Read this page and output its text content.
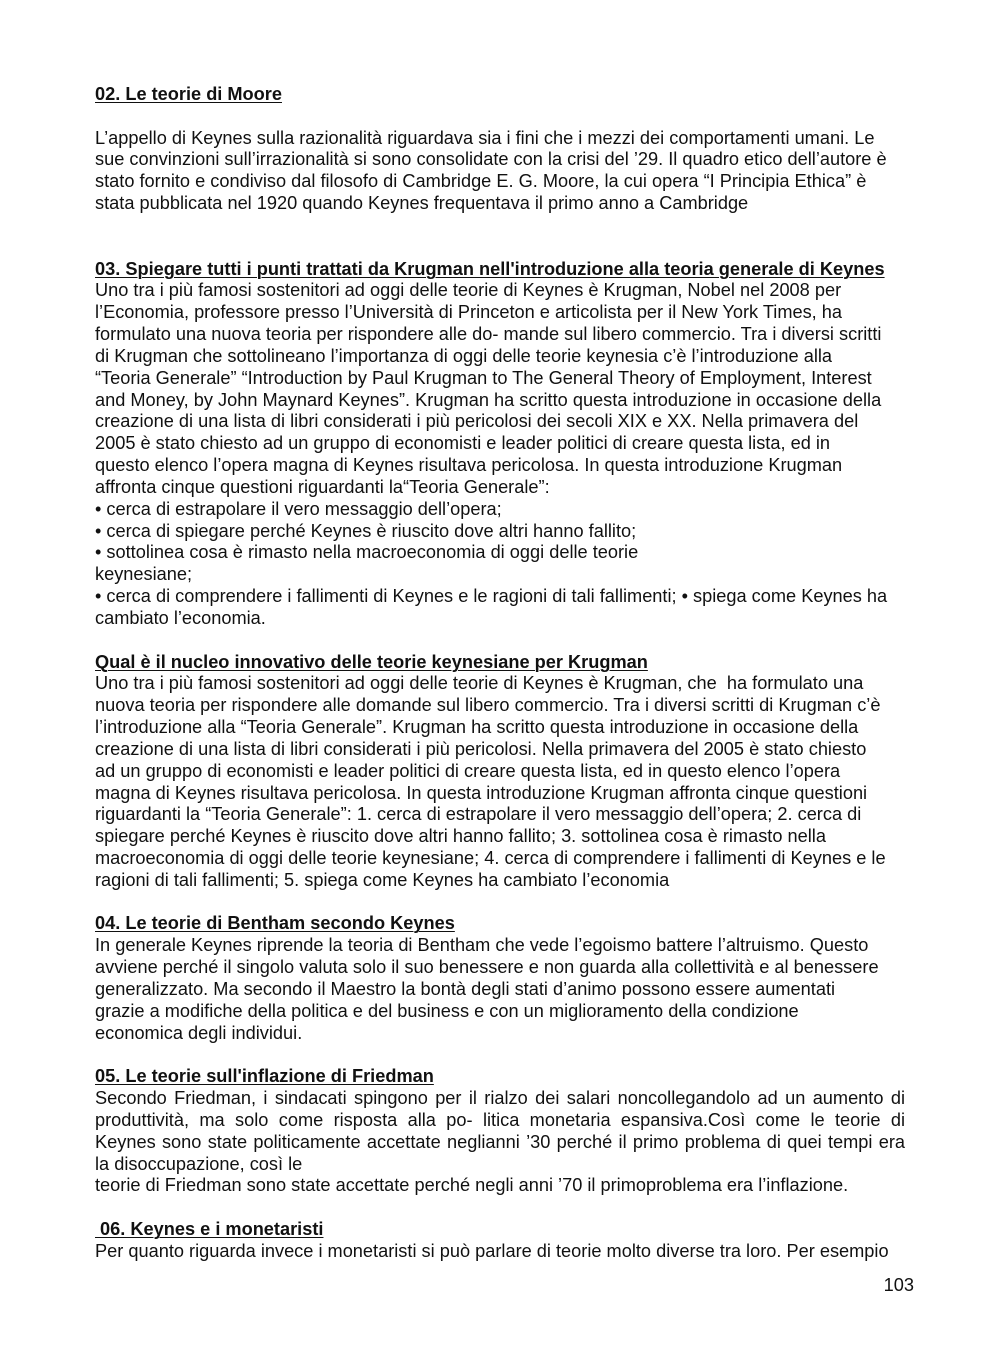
02. Le teorie di Moore
L’appello di Keynes sulla razionalità riguardava sia i fini che i mezzi dei comportamenti umani. Le
sue convinzioni sull’irrazionalità si sono consolidate con la crisi del ’29. Il quadro etico dell’autore è
stato fornito e condiviso dal filosofo di Cambridge E. G. Moore, la cui opera “I Principia Ethica” è
stata pubblicata nel 1920 quando Keynes frequentava il primo anno a Cambridge
03. Spiegare tutti i punti trattati da Krugman nell'introduzione alla teoria generale di Keynes
Uno tra i più famosi sostenitori ad oggi delle teorie di Keynes è Krugman, Nobel nel 2008 per
l’Economia, professore presso l’Università di Princeton e articolista per il New York Times, ha
formulato una nuova teoria per rispondere alle do- mande sul libero commercio. Tra i diversi scritti
di Krugman che sottolineano l’importanza di oggi delle teorie keynesia c’è l’introduzione alla
“Teoria Generale” “Introduction by Paul Krugman to The General Theory of Employment, Interest
and Money, by John Maynard Keynes”. Krugman ha scritto questa introduzione in occasione della
creazione di una lista di libri considerati i più pericolosi dei secoli XIX e XX. Nella primavera del
2005 è stato chiesto ad un gruppo di economisti e leader politici di creare questa lista, ed in
questo elenco l’opera magna di Keynes risultava pericolosa. In questa introduzione Krugman
affronta cinque questioni riguardanti la“Teoria Generale”:
• cerca di estrapolare il vero messaggio dell’opera;
• cerca di spiegare perché Keynes è riuscito dove altri hanno fallito;
• sottolinea cosa è rimasto nella macroeconomia di oggi delle teorie
keynesiane;
• cerca di comprendere i fallimenti di Keynes e le ragioni di tali fallimenti; • spiega come Keynes ha
cambiato l’economia.
Qual è il nucleo innovativo delle teorie keynesiane per Krugman
Uno tra i più famosi sostenitori ad oggi delle teorie di Keynes è Krugman, che  ha formulato una
nuova teoria per rispondere alle domande sul libero commercio. Tra i diversi scritti di Krugman c’è
l’introduzione alla “Teoria Generale”. Krugman ha scritto questa introduzione in occasione della
creazione di una lista di libri considerati i più pericolosi. Nella primavera del 2005 è stato chiesto
ad un gruppo di economisti e leader politici di creare questa lista, ed in questo elenco l’opera
magna di Keynes risultava pericolosa. In questa introduzione Krugman affronta cinque questioni
riguardanti la “Teoria Generale”: 1. cerca di estrapolare il vero messaggio dell’opera; 2. cerca di
spiegare perché Keynes è riuscito dove altri hanno fallito; 3. sottolinea cosa è rimasto nella
macroeconomia di oggi delle teorie keynesiane; 4. cerca di comprendere i fallimenti di Keynes e le
ragioni di tali fallimenti; 5. spiega come Keynes ha cambiato l’economia
04. Le teorie di Bentham secondo Keynes
In generale Keynes riprende la teoria di Bentham che vede l’egoismo battere l’altruismo. Questo
avviene perché il singolo valuta solo il suo benessere e non guarda alla collettività e al benessere
generalizzato. Ma secondo il Maestro la bontà degli stati d’animo possono essere aumentati
grazie a modifiche della politica e del business e con un miglioramento della condizione
economica degli individui.
05. Le teorie sull'inflazione di Friedman
Secondo Friedman, i sindacati spingono per il rialzo dei salari noncollegandolo ad un aumento di
produttività, ma solo come risposta alla po- litica monetaria espansiva.Così come le teorie di
Keynes sono state politicamente accettate neglianni ’30 perché il primo problema di quei tempi era
la disoccupazione, così le
teorie di Friedman sono state accettate perché negli anni ’70 il primoproblema era l’inflazione.
06. Keynes e i monetaristi
Per quanto riguarda invece i monetaristi si può parlare di teorie molto diverse tra loro. Per esempio
103
